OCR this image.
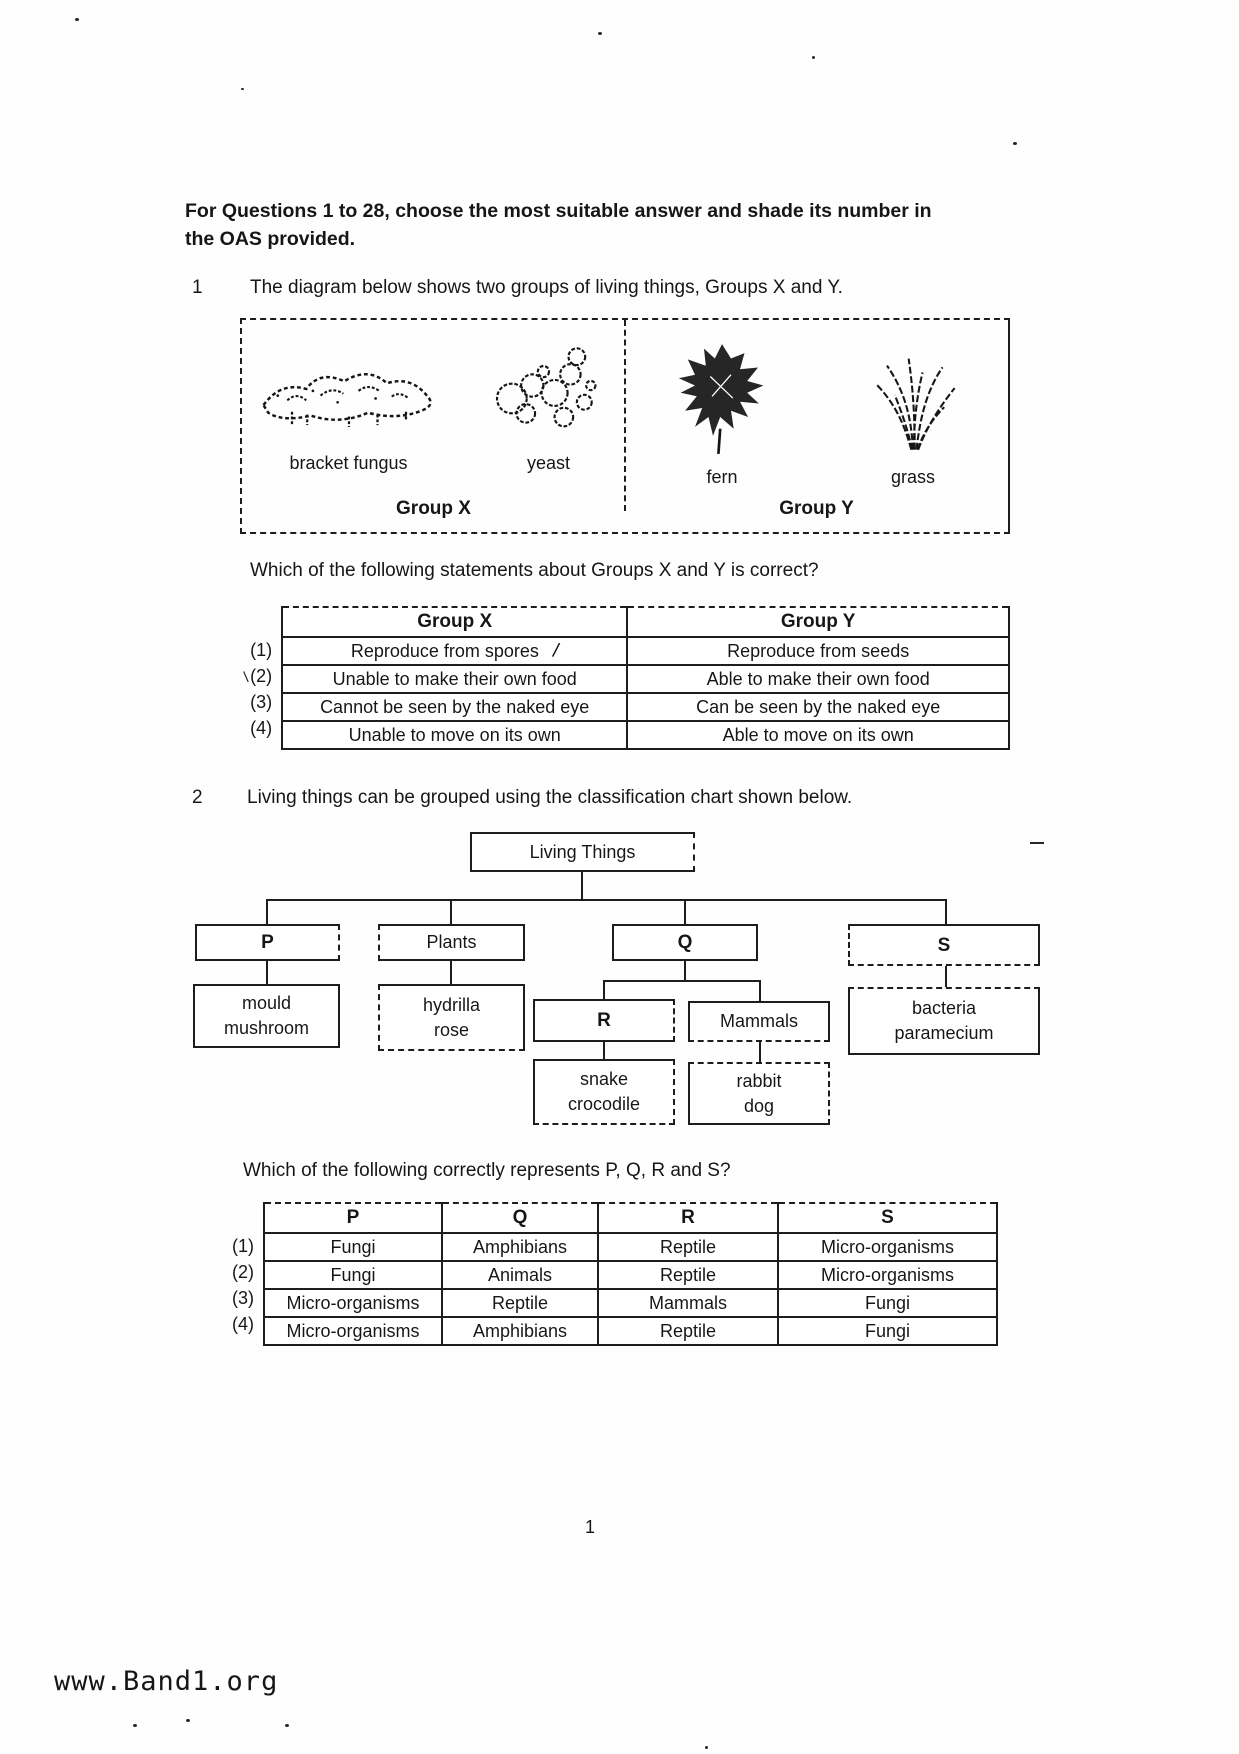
For Questions 1 to 28, choose the most suitable answer and shade its number in
the OAS provided.
1 The diagram below shows two groups of living things, Groups X and Y.
bracket fungus	yeast
Group X
fern	grass
Group Y
Which of the following statements about Groups X and Y is correct?
(1)
\(2)
(3)
(4)
Group X	Group Y
Reproduce from spores /	Reproduce from seeds
Unable to make their own food	Able to make their own food
Cannot be seen by the naked eye	Can be seen by the naked eye
Unable to move on its own	Able to move on its own
2 Living things can be grouped using the classification chart shown below.
Living Things
P	Plants	Q	S
mould
mushroom
hydrilla
rose	R	Mammals
bacteria
paramecium
snake
crocodile
rabbit
dog
Which of the following correctly represents P, Q, R and S?
(1)
(2)
(3)
(4)
P	Q	R	S
Fungi	Amphibians	Reptile	Micro-organisms
Fungi	Animals	Reptile	Micro-organisms
Micro-organisms	Reptile	Mammals	Fungi
Micro-organisms	Amphibians	Reptile	Fungi
1
www.Band1.org
